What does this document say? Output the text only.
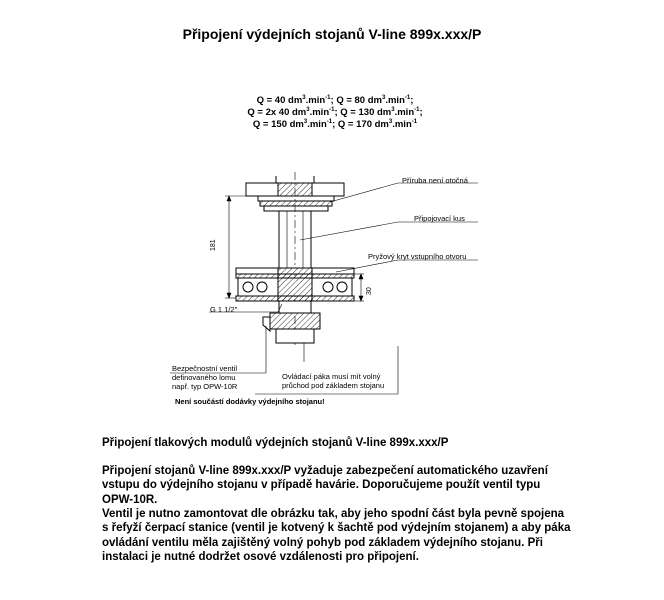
Připojení výdejních stojanů V-line 899x.xxx/P
Q = 40 $dm^3.\min^{-1}$; Q = 80 $dm^3.\min^{-1}$;
Q = 2x 40 $dm^3.\min^{-1}$; Q = 130 $dm^3.\min^{-1}$;
Q = 150 $dm^3.\min^{-1}$; Q = 170 $dm^3.\min^{-1}$
Příruba není otočná
Připojovací kus
Pryžový kryt vstupního otvoru
181
30
G 1 1/2"
Bezpečnostní ventil
definovaného lomu
např. typ OPW-10R
Ovládací páka musí mít volný
průchod pod základem stojanu
Není součástí dodávky výdejního stojanu!
Připojení tlakových modulů výdejních stojanů V-line 899x.xxx/P
Připojení stojanů V-line 899x.xxx/P vyžaduje zabezpečení automatického uzavření vstupu do výdejního stojanu v případě havárie. Doporučujeme použít ventil typu OPW-10R.
Ventil je nutno zamontovat dle obrázku tak, aby jeho spodní část byla pevně spojena s řefyží čerpací stanice (ventil je kotvený k šachtě pod výdejním stojanem) a aby páka ovládání ventilu měla zajištěný volný pohyb pod základem výdejního stojanu. Při instalaci je nutné dodržet osové vzdálenosti pro připojení.
